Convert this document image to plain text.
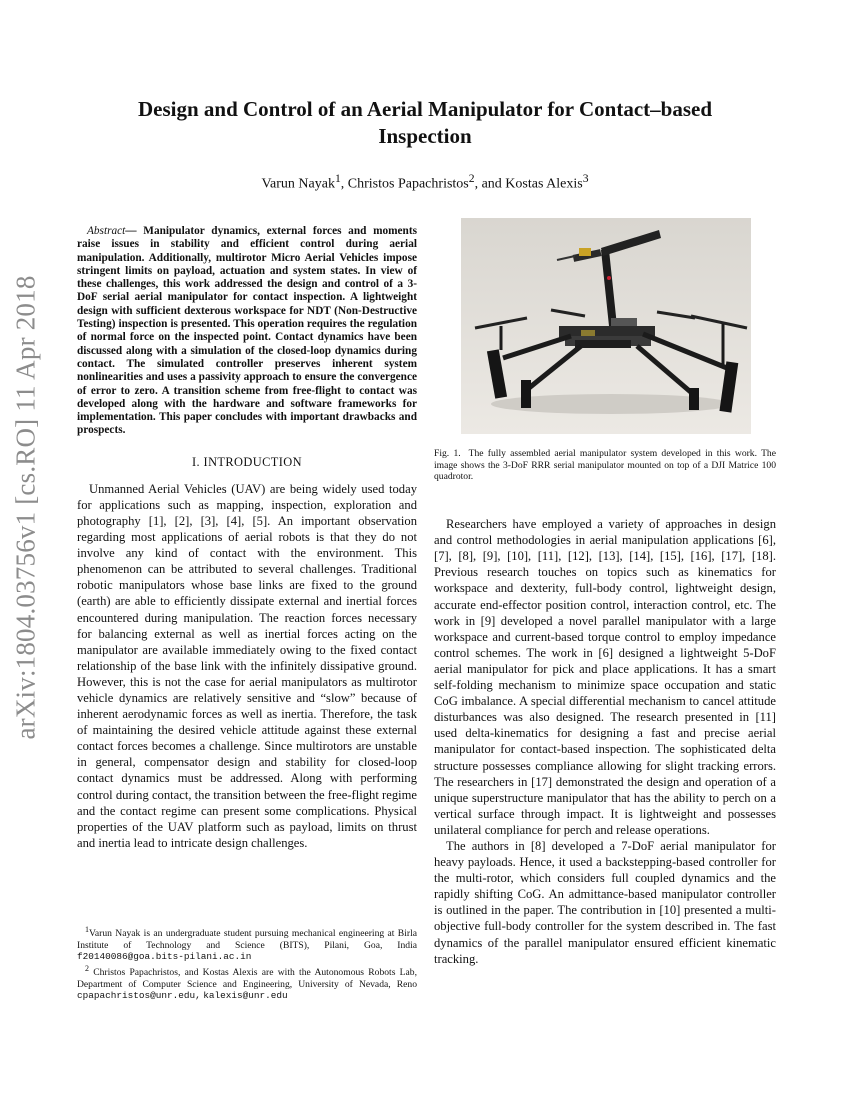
arXiv:1804.03756v1 [cs.RO] 11 Apr 2018
Design and Control of an Aerial Manipulator for Contact–based
Inspection

Varun Nayak$^1$, Christos Papachristos$^2$, and Kostas Alexis$^3$

Abstract— Manipulator dynamics, external forces and moments raise issues in stability and efficient control during aerial manipulation. Additionally, multirotor Micro Aerial Vehicles impose stringent limits on payload, actuation and system states. In view of these challenges, this work addressed the design and control of a 3-DoF serial aerial manipulator for contact inspection. A lightweight design with sufficient dexterous workspace for NDT (Non-Destructive Testing) inspection is presented. This operation requires the regulation of normal force on the inspected point. Contact dynamics have been discussed along with a simulation of the closed-loop dynamics during contact. The simulated controller preserves inherent system nonlinearities and uses a passivity approach to ensure the convergence of error to zero. A transition scheme from free-flight to contact was developed along with the hardware and software frameworks for implementation. This paper concludes with important drawbacks and prospects.

I. INTRODUCTION

Unmanned Aerial Vehicles (UAV) are being widely used today for applications such as mapping, inspection, exploration and photography [1], [2], [3], [4], [5]. An important observation regarding most applications of aerial robots is that they do not involve any kind of contact with the environment. This phenomenon can be attributed to several challenges. Traditional robotic manipulators whose base links are fixed to the ground (earth) are able to efficiently dissipate external and inertial forces encountered during manipulation. The reaction forces necessary for balancing external as well as inertial forces acting on the manipulator are available immediately owing to the fixed contact relationship of the base link with the infinitely dissipative ground. However, this is not the case for aerial manipulators as multirotor vehicle dynamics are relatively sensitive and “slow” because of inherent aerodynamic forces as well as inertia. Therefore, the task of maintaining the desired vehicle attitude against these external contact forces becomes a challenge. Since multirotors are unstable in general, compensator design and stability for closed-loop contact dynamics must be addressed. Along with performing control during contact, the transition between the free-flight regime and the contact regime can present some complications. Physical properties of the UAV platform such as payload, limits on thrust and inertia lead to intricate design challenges.

$^1$Varun Nayak is an undergraduate student pursuing mechanical engineering at Birla Institute of Technology and Science (BITS), Pilani, Goa, India f20140086@goa.bits-pilani.ac.in

$^2$ Christos Papachristos, and Kostas Alexis are with the Autonomous Robots Lab, Department of Computer Science and Engineering, University of Nevada, Reno cpapachristos@unr.edu, kalexis@unr.edu

Fig. 1. The fully assembled aerial manipulator system developed in this work. The image shows the 3-DoF RRR serial manipulator mounted on top of a DJI Matrice 100 quadrotor.

Researchers have employed a variety of approaches in design and control methodologies in aerial manipulation applications [6], [7], [8], [9], [10], [11], [12], [13], [14], [15], [16], [17], [18]. Previous research touches on topics such as kinematics for workspace and dexterity, full-body control, lightweight design, accurate end-effector position control, interaction control, etc. The work in [9] developed a novel parallel manipulator with a large workspace and current-based torque control to employ impedance control schemes. The work in [6] designed a lightweight 5-DoF aerial manipulator for pick and place applications. It has a smart self-folding mechanism to minimize space occupation and static CoG imbalance. A special differential mechanism to cancel attitude disturbances was also designed. The research presented in [11] used delta-kinematics for designing a fast and precise aerial manipulator for contact-based inspection. The sophisticated delta structure possesses compliance allowing for slight tracking errors. The researchers in [17] demonstrated the design and operation of a unique superstructure manipulator that has the ability to perch on a vertical surface through impact. It is lightweight and possesses unilateral compliance for perch and release operations.

The authors in [8] developed a 7-DoF aerial manipulator for heavy payloads. Hence, it used a backstepping-based controller for the multi-rotor, which considers full coupled dynamics and the rapidly shifting CoG. An admittance-based manipulator controller is outlined in the paper. The contribution in [10] presented a multi-objective full-body controller for the system described in. The fast dynamics of the parallel manipulator ensured efficient kinematic tracking.
